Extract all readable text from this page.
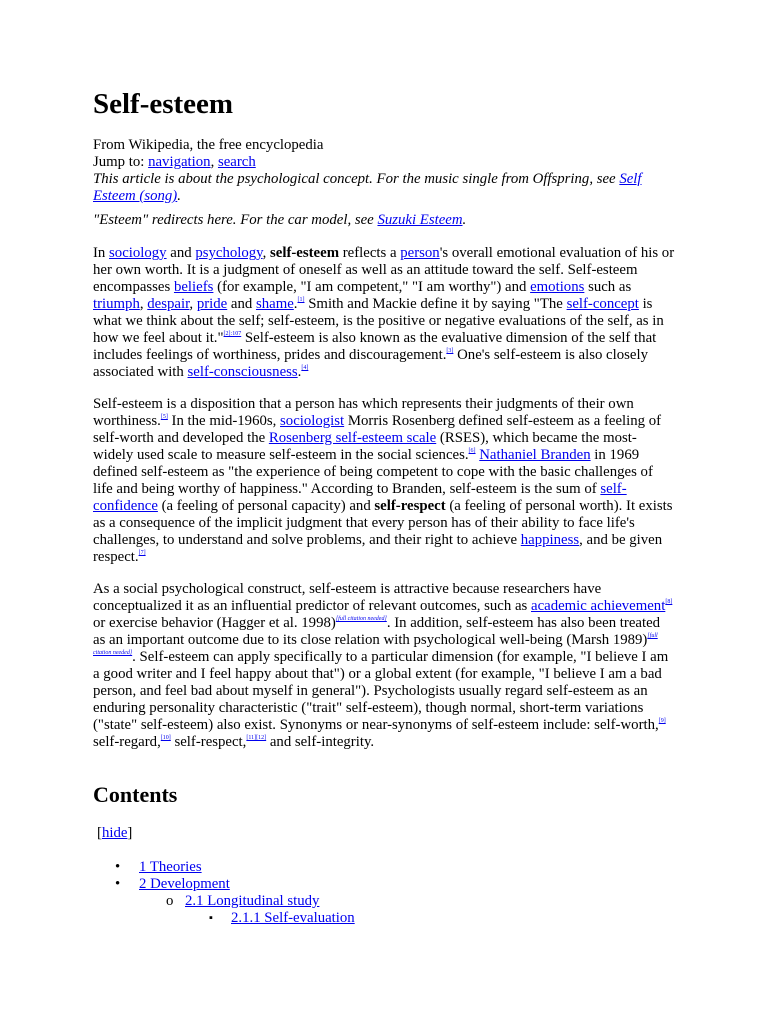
Self-esteem
From Wikipedia, the free encyclopedia
Jump to: navigation, search
This article is about the psychological concept. For the music single from Offspring, see Self Esteem (song).
"Esteem" redirects here. For the car model, see Suzuki Esteem.
In sociology and psychology, self-esteem reflects a person's overall emotional evaluation of his or her own worth. It is a judgment of oneself as well as an attitude toward the self. Self-esteem encompasses beliefs (for example, "I am competent," "I am worthy") and emotions such as triumph, despair, pride and shame.[1] Smith and Mackie define it by saying "The self-concept is what we think about the self; self-esteem, is the positive or negative evaluations of the self, as in how we feel about it."$^{[2]:107}$ Self-esteem is also known as the evaluative dimension of the self that includes feelings of worthiness, prides and discouragement.[3] One's self-esteem is also closely associated with self-consciousness.[4]
Self-esteem is a disposition that a person has which represents their judgments of their own worthiness.[5] In the mid-1960s, sociologist Morris Rosenberg defined self-esteem as a feeling of self-worth and developed the Rosenberg self-esteem scale (RSES), which became the most-widely used scale to measure self-esteem in the social sciences.[6] Nathaniel Branden in 1969 defined self-esteem as "the experience of being competent to cope with the basic challenges of life and being worthy of happiness." According to Branden, self-esteem is the sum of self-confidence (a feeling of personal capacity) and self-respect (a feeling of personal worth). It exists as a consequence of the implicit judgment that every person has of their ability to face life's challenges, to understand and solve problems, and their right to achieve happiness, and be given respect.[7]
As a social psychological construct, self-esteem is attractive because researchers have conceptualized it as an influential predictor of relevant outcomes, such as academic achievement[8] or exercise behavior (Hagger et al. 1998)[full citation needed]. In addition, self-esteem has also been treated as an important outcome due to its close relation with psychological well-being (Marsh 1989)[full citation needed]. Self-esteem can apply specifically to a particular dimension (for example, "I believe I am a good writer and I feel happy about that") or a global extent (for example, "I believe I am a bad person, and feel bad about myself in general"). Psychologists usually regard self-esteem as an enduring personality characteristic ("trait" self-esteem), though normal, short-term variations ("state" self-esteem) also exist. Synonyms or near-synonyms of self-esteem include: self-worth,[9] self-regard,[10] self-respect,[11][12] and self-integrity.
Contents
[hide]
• 1 Theories
• 2 Development
o 2.1 Longitudinal study
▪ 2.1.1 Self-evaluation
